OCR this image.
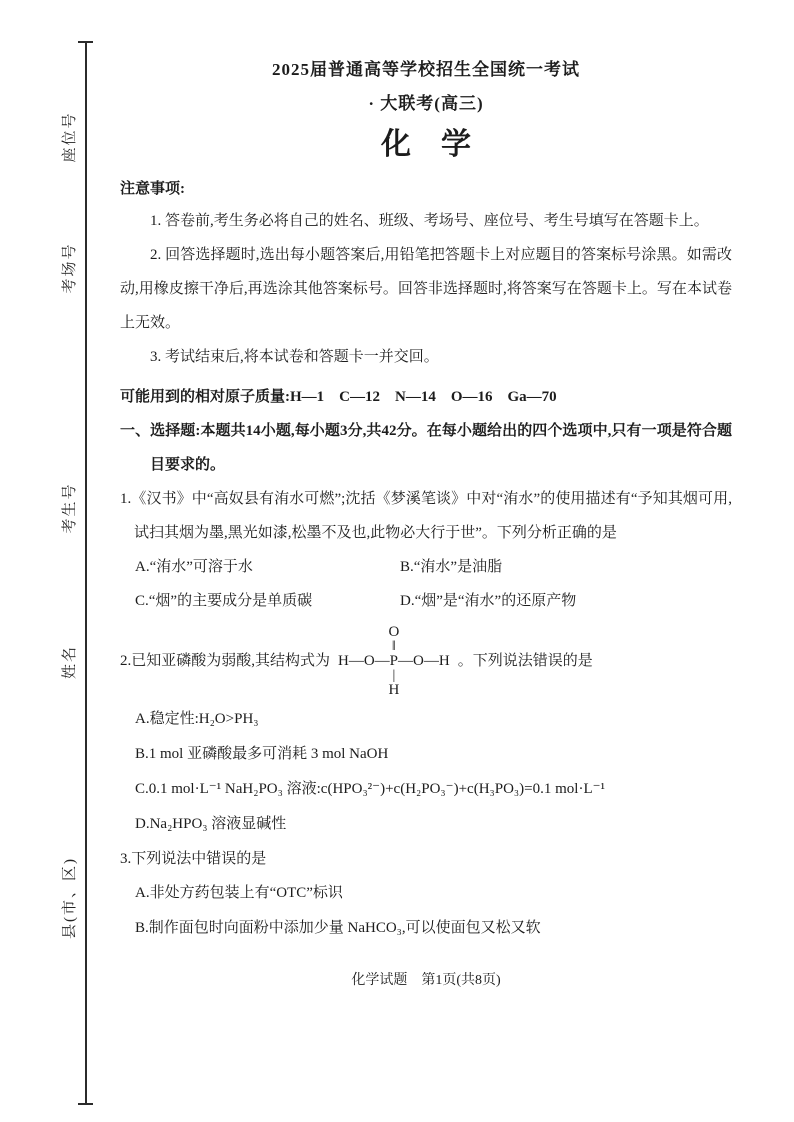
座位号
考场号
考生号
姓名
县(市、区)
2025届普通高等学校招生全国统一考试
· 大联考(高三)
化　学
注意事项:
1. 答卷前,考生务必将自己的姓名、班级、考场号、座位号、考生号填写在答题卡上。
2. 回答选择题时,选出每小题答案后,用铅笔把答题卡上对应题目的答案标号涂黑。如需改动,用橡皮擦干净后,再选涂其他答案标号。回答非选择题时,将答案写在答题卡上。写在本试卷上无效。
3. 考试结束后,将本试卷和答题卡一并交回。
可能用到的相对原子质量:H—1　C—12　N—14　O—16　Ga—70
一、选择题:本题共14小题,每小题3分,共42分。在每小题给出的四个选项中,只有一项是符合题目要求的。
1.《汉书》中“高奴县有洧水可燃”;沈括《梦溪笔谈》中对“洧水”的使用描述有“予知其烟可用,试扫其烟为墨,黑光如漆,松墨不及也,此物必大行于世”。下列分析正确的是
A.“洧水”可溶于水	B.“洧水”是油脂
C.“烟”的主要成分是单质碳	D.“烟”是“洧水”的还原产物
2.已知亚磷酸为弱酸,其结构式为
O
‖
H—O—P—O—H
|
H
。下列说法错误的是
A.稳定性:H₂O>PH₃
B.1 mol 亚磷酸最多可消耗 3 mol NaOH
C.0.1 mol·L⁻¹ NaH₂PO₃ 溶液:c(HPO₃²⁻)+c(H₂PO₃⁻)+c(H₃PO₃)=0.1 mol·L⁻¹
D.Na₂HPO₃ 溶液显碱性
3.下列说法中错误的是
A.非处方药包装上有“OTC”标识
B.制作面包时向面粉中添加少量 NaHCO₃,可以使面包又松又软
化学试题　第1页(共8页)
